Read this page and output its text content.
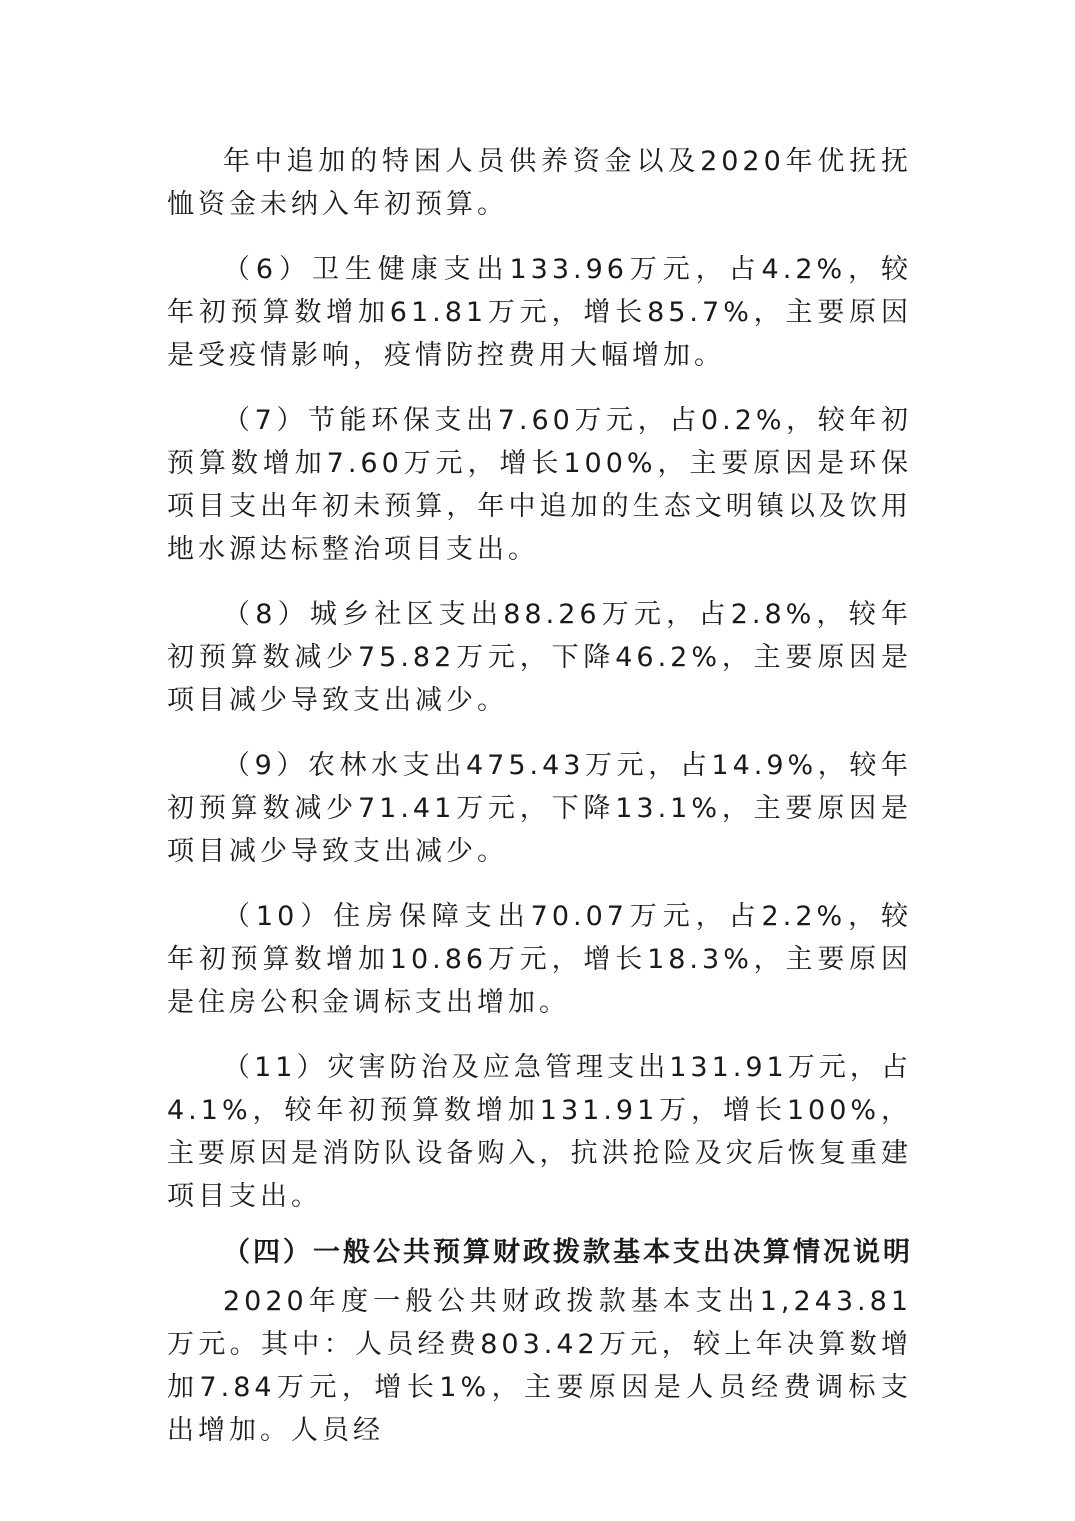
年中追加的特困人员供养资金以及2020年优抚抚恤资金未纳入年初预算。

（6）卫生健康支出133.96万元，占4.2%，较年初预算数增加61.81万元，增长85.7%，主要原因是受疫情影响，疫情防控费用大幅增加。

（7）节能环保支出7.60万元，占0.2%，较年初预算数增加7.60万元，增长100%，主要原因是环保项目支出年初未预算，年中追加的生态文明镇以及饮用地水源达标整治项目支出。

（8）城乡社区支出88.26万元，占2.8%，较年初预算数减少75.82万元，下降46.2%，主要原因是项目减少导致支出减少。

（9）农林水支出475.43万元，占14.9%，较年初预算数减少71.41万元，下降13.1%，主要原因是项目减少导致支出减少。

（10）住房保障支出70.07万元，占2.2%，较年初预算数增加10.86万元，增长18.3%，主要原因是住房公积金调标支出增加。

（11）灾害防治及应急管理支出131.91万元，占4.1%，较年初预算数增加131.91万，增长100%，主要原因是消防队设备购入，抗洪抢险及灾后恢复重建项目支出。

（四）一般公共预算财政拨款基本支出决算情况说明

2020年度一般公共财政拨款基本支出1,243.81万元。其中：人员经费803.42万元，较上年决算数增加7.84万元，增长1%，主要原因是人员经费调标支出增加。人员经
